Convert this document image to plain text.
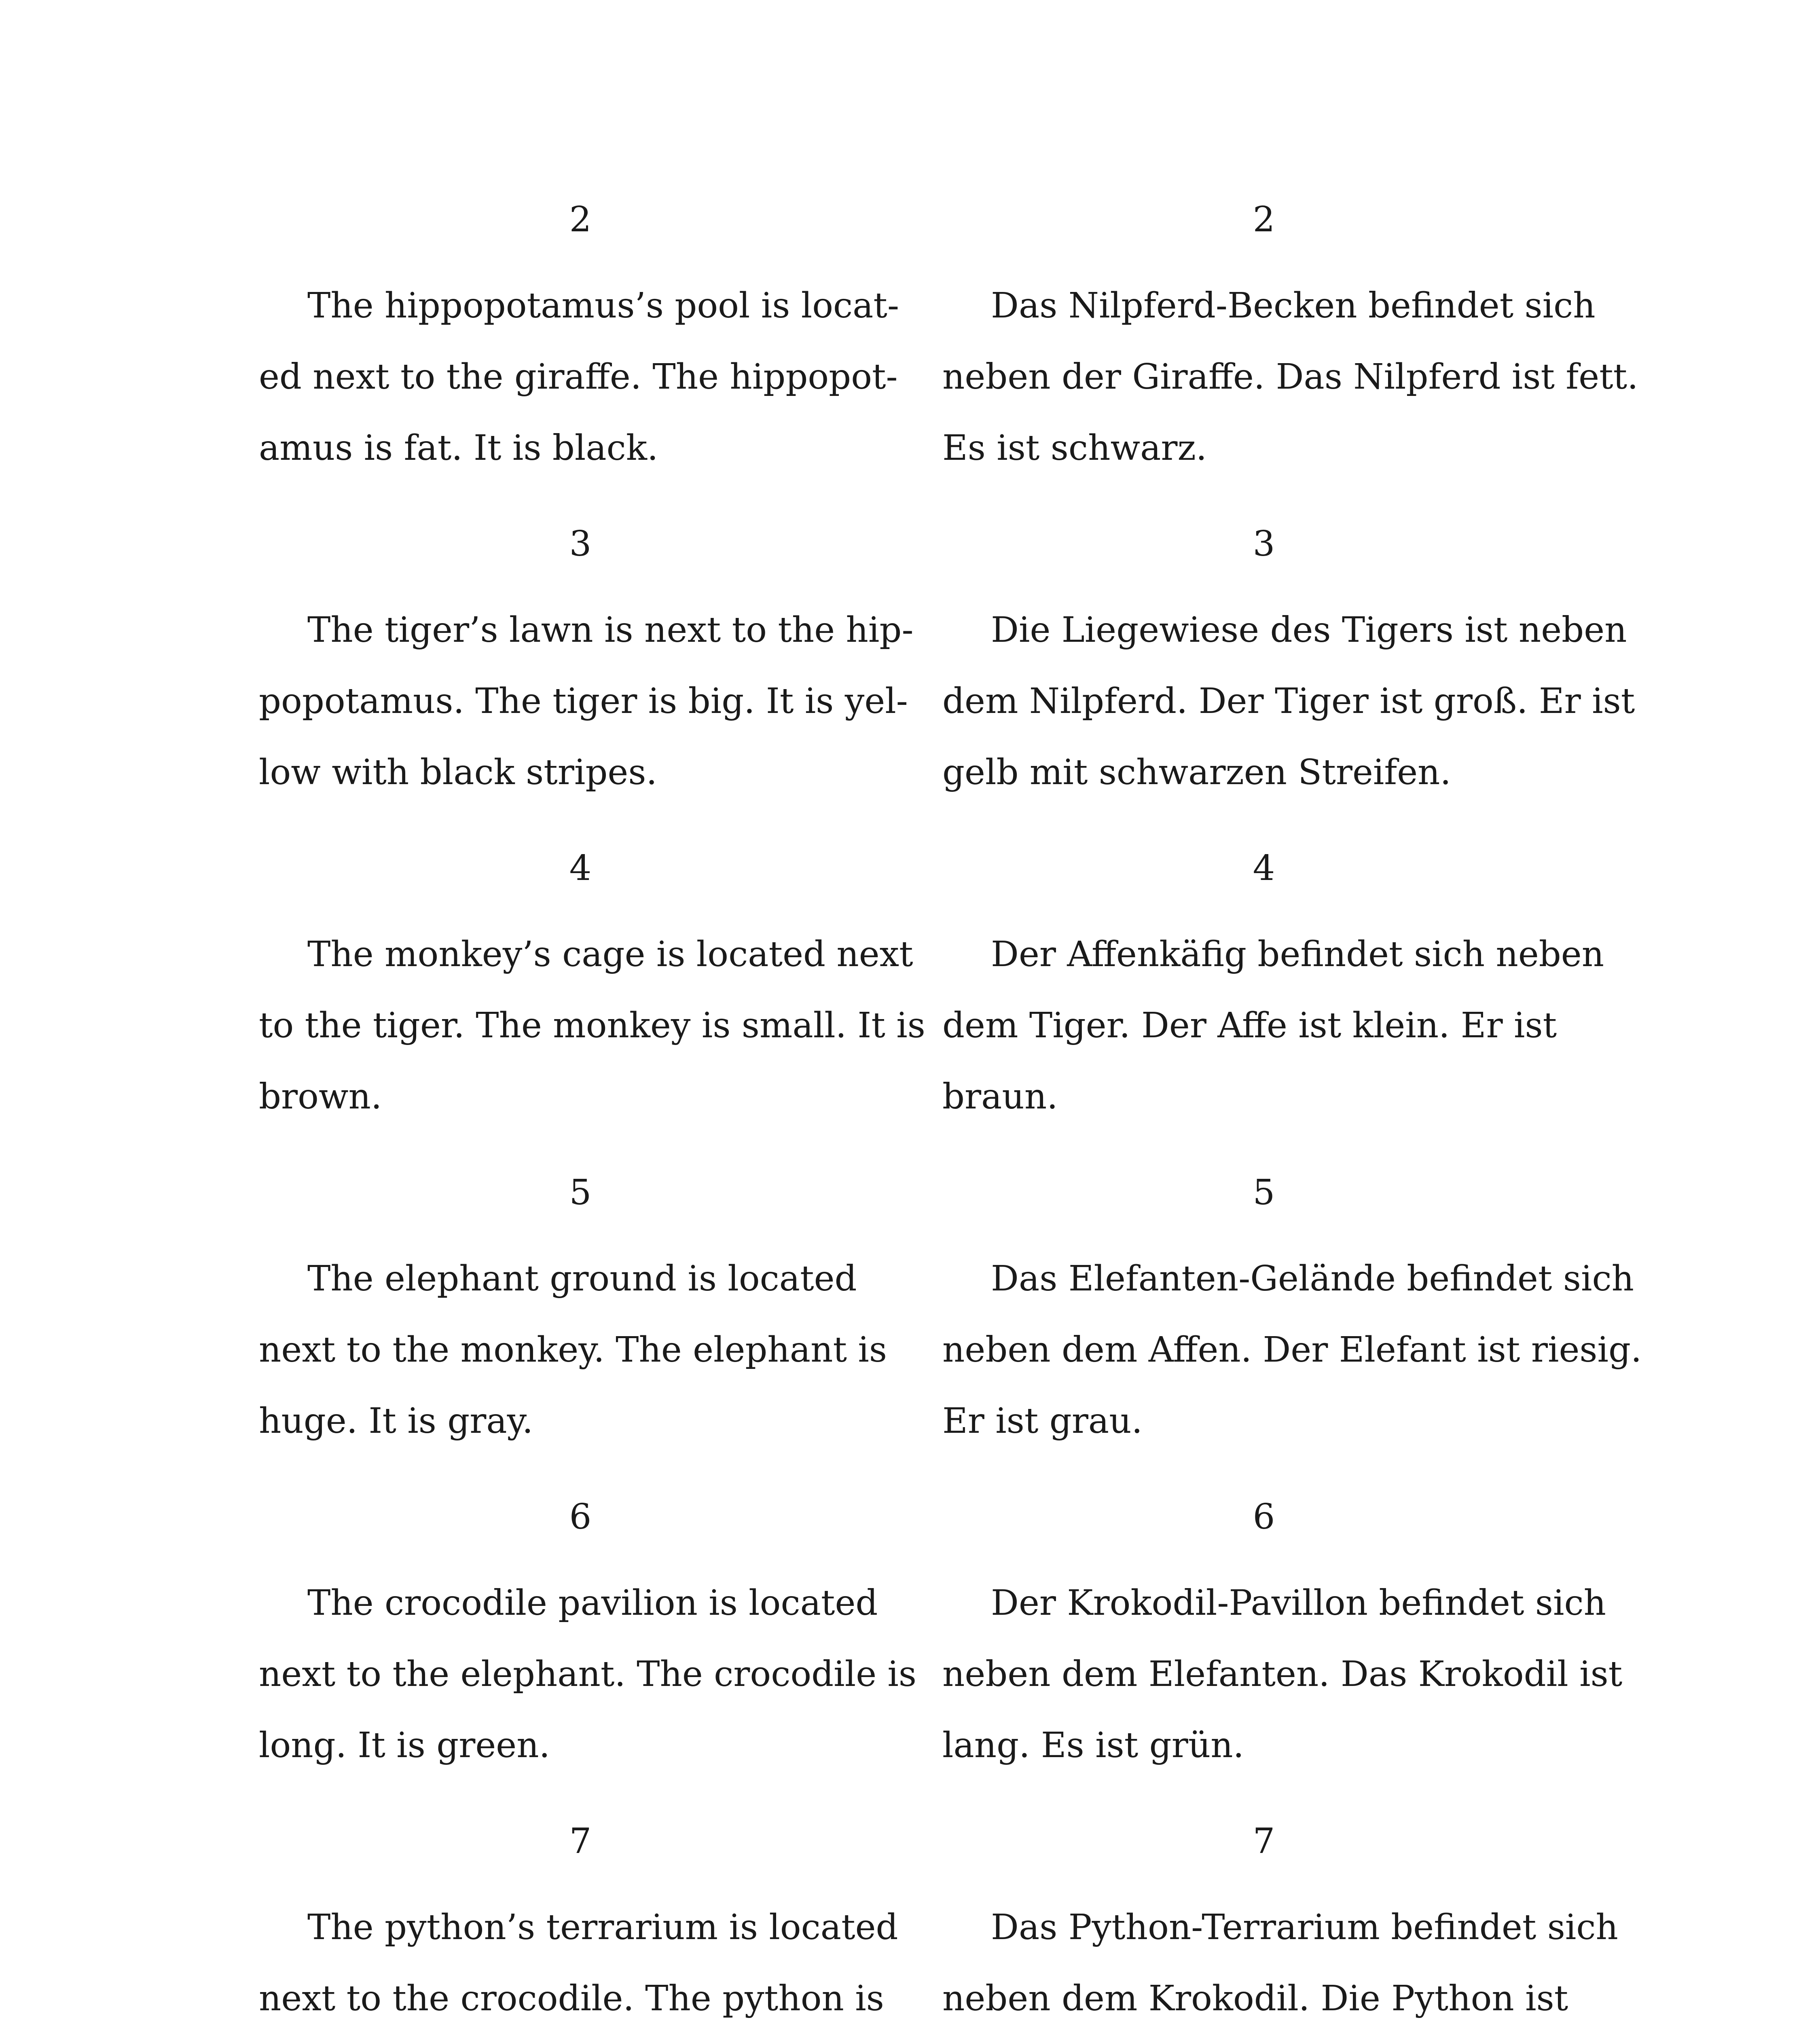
2
The hippopotamus’s pool is locat-
ed next to the giraffe. The hippopot-
amus is fat. It is black.
3
The tiger’s lawn is next to the hip-
popotamus. The tiger is big. It is yel-
low with black stripes.
4
The monkey’s cage is located next
to the tiger. The monkey is small. It is
brown.
5
The elephant ground is located
next to the monkey. The elephant is
huge. It is gray.
6
The crocodile pavilion is located
next to the elephant. The crocodile is
long. It is green.
7
The python’s terrarium is located
next to the crocodile. The python is
2
Das Nilpferd-Becken befindet sich
neben der Giraffe. Das Nilpferd ist fett.
Es ist schwarz.
3
Die Liegewiese des Tigers ist neben
dem Nilpferd. Der Tiger ist groß. Er ist
gelb mit schwarzen Streifen.
4
Der Affenkäfig befindet sich neben
dem Tiger. Der Affe ist klein. Er ist
braun.
5
Das Elefanten-Gelände befindet sich
neben dem Affen. Der Elefant ist riesig.
Er ist grau.
6
Der Krokodil-Pavillon befindet sich
neben dem Elefanten. Das Krokodil ist
lang. Es ist grün.
7
Das Python-Terrarium befindet sich
neben dem Krokodil. Die Python ist
